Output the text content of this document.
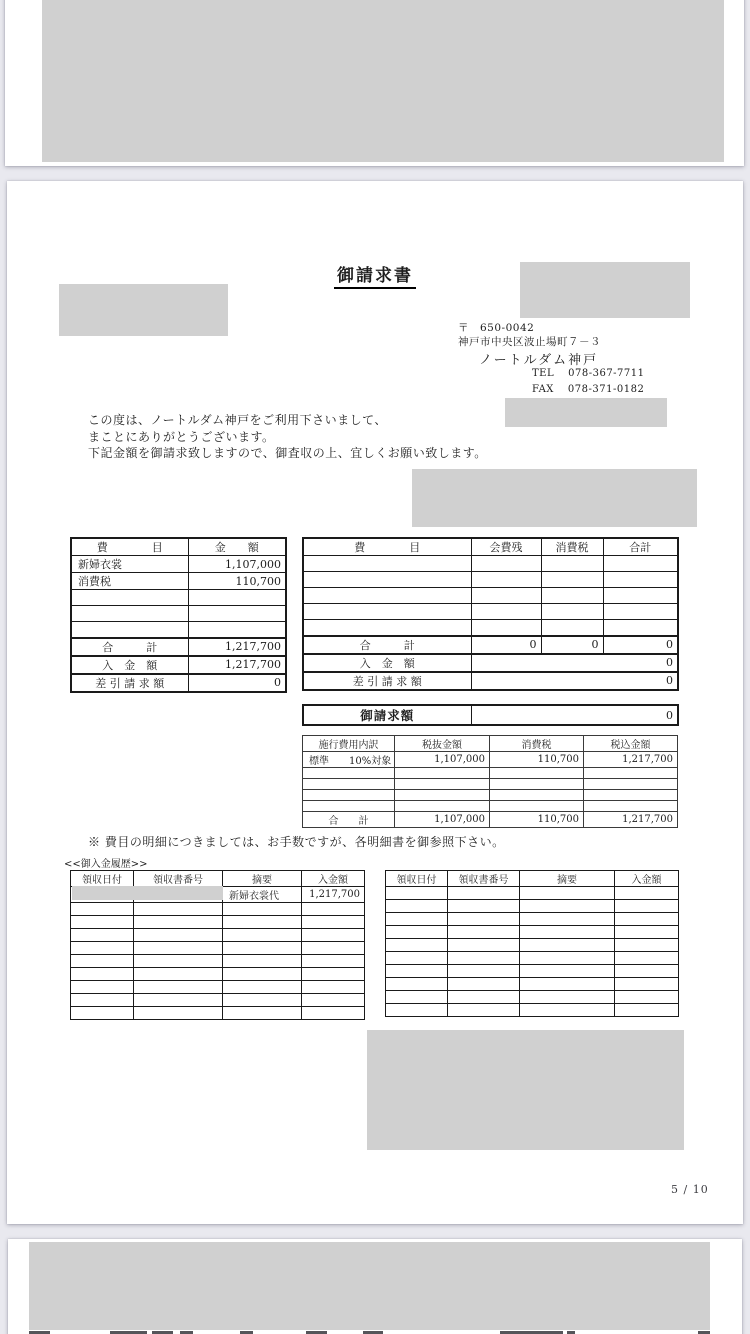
御請求書
〒　650-0042
神戸市中央区波止場町７－３
ノートルダム神戸
TEL 078-367-7711
FAX 078-371-0182
この度は、ノートルダム神戸をご利用下さいまして、
まことにありがとうございます。
下記金額を御請求致しますので、御査収の上、宜しくお願い致します。
費　　　　目	金　　額
新婦衣裳	1,107,000
消費税	110,700

合　　　計	1,217,700
入　金　額	1,217,700
差 引 請 求 額	0
費　　　　目	会費残	消費税	合計

合　　　計	0	0	0
入　金　額	0		
差 引 請 求 額	0		
御請求額	0
施行費用内訳	税抜金額	消費税	税込金額
標準　　10%対象	1,107,000	110,700	1,217,700

合　　計	1,107,000	110,700	1,217,700
※ 費目の明細につきましては、お手数ですが、各明細書を御参照下さい。
<<御入金履歴>>
領収日付	領収書番号	摘要	入金額
		新婦衣裳代	1,217,700

領収日付	領収書番号	摘要	入金額

5 / 10
